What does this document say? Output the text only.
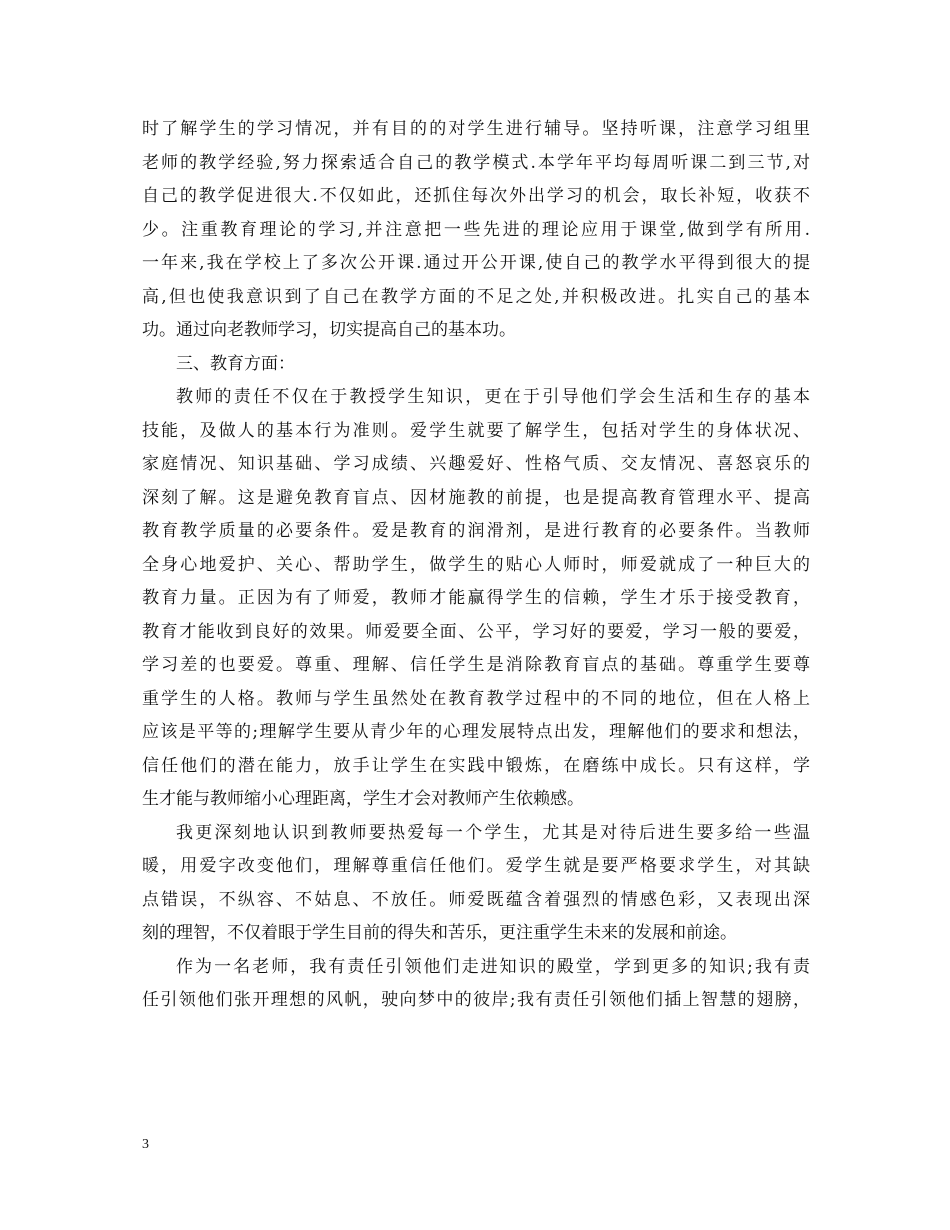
时了解学生的学习情况，并有目的的对学生进行辅导。坚持听课，注意学习组里
老师的教学经验,努力探索适合自己的教学模式.本学年平均每周听课二到三节,对
自己的教学促进很大.不仅如此，还抓住每次外出学习的机会，取长补短，收获不
少。注重教育理论的学习,并注意把一些先进的理论应用于课堂,做到学有所用.
一年来,我在学校上了多次公开课.通过开公开课,使自己的教学水平得到很大的提
高,但也使我意识到了自己在教学方面的不足之处,并积极改进。扎实自己的基本
功。通过向老教师学习，切实提高自己的基本功。
三、教育方面：
教师的责任不仅在于教授学生知识，更在于引导他们学会生活和生存的基本
技能，及做人的基本行为准则。爱学生就要了解学生，包括对学生的身体状况、
家庭情况、知识基础、学习成绩、兴趣爱好、性格气质、交友情况、喜怒哀乐的
深刻了解。这是避免教育盲点、因材施教的前提，也是提高教育管理水平、提高
教育教学质量的必要条件。爱是教育的润滑剂，是进行教育的必要条件。当教师
全身心地爱护、关心、帮助学生，做学生的贴心人师时，师爱就成了一种巨大的
教育力量。正因为有了师爱，教师才能赢得学生的信赖，学生才乐于接受教育，
教育才能收到良好的效果。师爱要全面、公平，学习好的要爱，学习一般的要爱，
学习差的也要爱。尊重、理解、信任学生是消除教育盲点的基础。尊重学生要尊
重学生的人格。教师与学生虽然处在教育教学过程中的不同的地位，但在人格上
应该是平等的;理解学生要从青少年的心理发展特点出发，理解他们的要求和想法，
信任他们的潜在能力，放手让学生在实践中锻炼，在磨练中成长。只有这样，学
生才能与教师缩小心理距离，学生才会对教师产生依赖感。
我更深刻地认识到教师要热爱每一个学生，尤其是对待后进生要多给一些温
暖，用爱字改变他们，理解尊重信任他们。爱学生就是要严格要求学生，对其缺
点错误，不纵容、不姑息、不放任。师爱既蕴含着强烈的情感色彩，又表现出深
刻的理智，不仅着眼于学生目前的得失和苦乐，更注重学生未来的发展和前途。
作为一名老师，我有责任引领他们走进知识的殿堂，学到更多的知识;我有责
任引领他们张开理想的风帆，驶向梦中的彼岸;我有责任引领他们插上智慧的翅膀，
3
